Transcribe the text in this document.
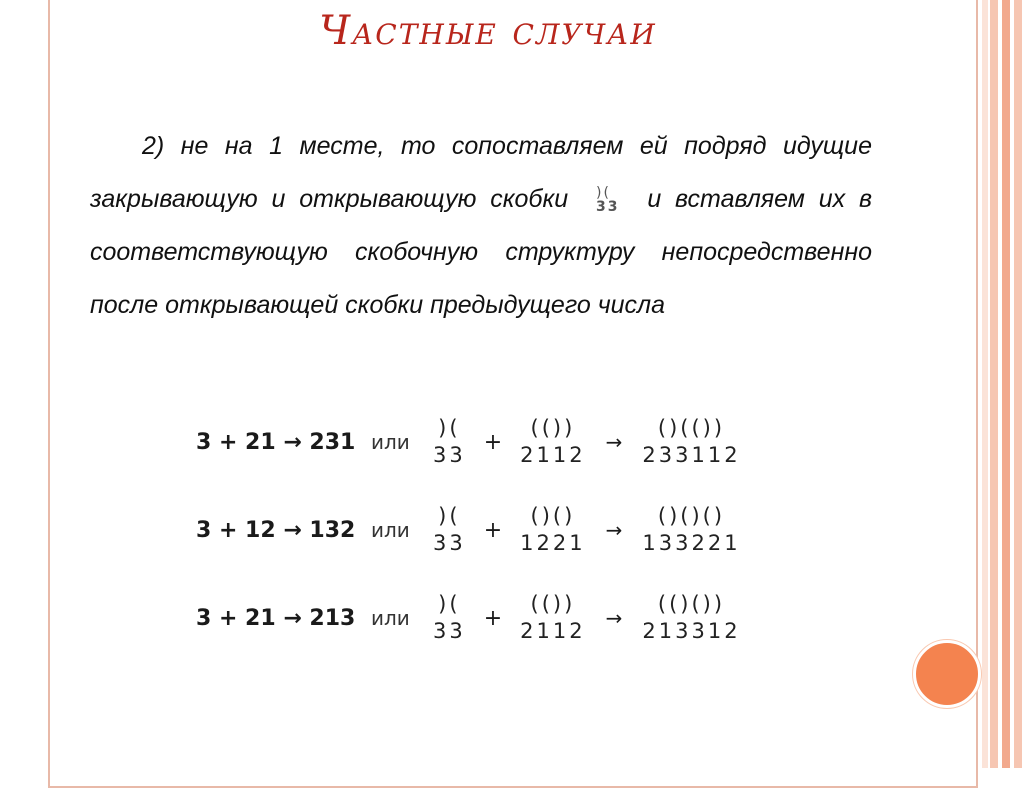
Частные случаи
2) не на 1 месте, то сопоставляем ей подряд идущие закрывающую и открывающую скобки )(
33 и вставляем их в соответствующую скобочную структуру непосредственно после открывающей скобки предыдущего числа
3 + 21 → 231 или
)(
33
+
(())
2112
→
()(())
233112
3 + 12 → 132 или
)(
33
+
()()
1221
→
()()()
133221
3 + 21 → 213 или
)(
33
+
(())
2112
→
(()())
213312
